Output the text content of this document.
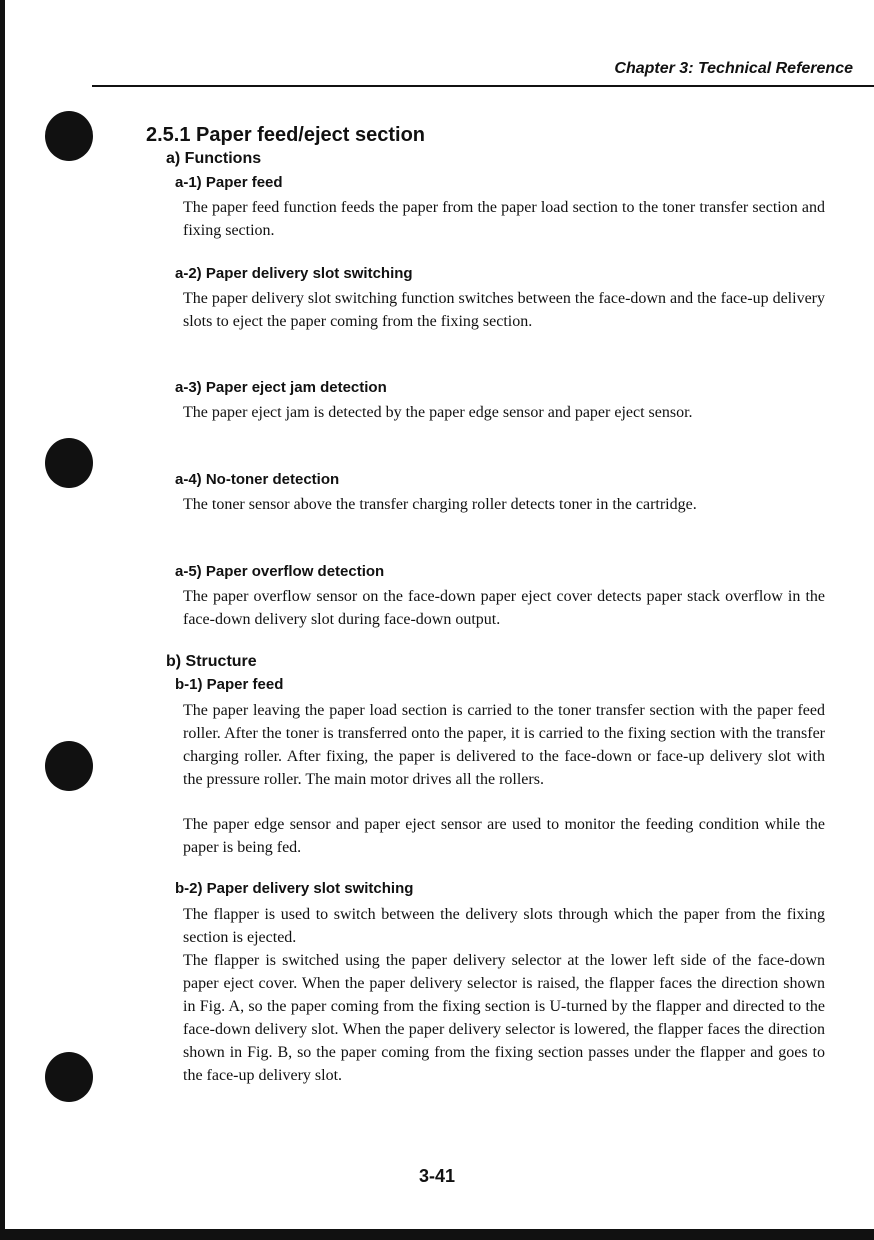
Chapter 3: Technical Reference
2.5.1 Paper feed/eject section
a) Functions
a-1) Paper feed
The paper feed function feeds the paper from the paper load section to the toner transfer section and fixing section.
a-2) Paper delivery slot switching
The paper delivery slot switching function switches between the face-down and the face-up delivery slots to eject the paper coming from the fixing section.
a-3) Paper eject jam detection
The paper eject jam is detected by the paper edge sensor and paper eject sensor.
a-4) No-toner detection
The toner sensor above the transfer charging roller detects toner in the cartridge.
a-5) Paper overflow detection
The paper overflow sensor on the face-down paper eject cover detects paper stack overflow in the face-down delivery slot during face-down output.
b) Structure
b-1) Paper feed
The paper leaving the paper load section is carried to the toner transfer section with the paper feed roller. After the toner is transferred onto the paper, it is carried to the fixing section with the transfer charging roller. After fixing, the paper is delivered to the face-down or face-up delivery slot with the pressure roller. The main motor drives all the rollers.
The paper edge sensor and paper eject sensor are used to monitor the feeding condition while the paper is being fed.
b-2) Paper delivery slot switching
The flapper is used to switch between the delivery slots through which the paper from the fixing section is ejected.
The flapper is switched using the paper delivery selector at the lower left side of the face-down paper eject cover. When the paper delivery selector is raised, the flapper faces the direction shown in Fig. A, so the paper coming from the fixing section is U-turned by the flapper and directed to the face-down delivery slot. When the paper delivery selector is lowered, the flapper faces the direction shown in Fig. B, so the paper coming from the fixing section passes under the flapper and goes to the face-up delivery slot.
3-41
